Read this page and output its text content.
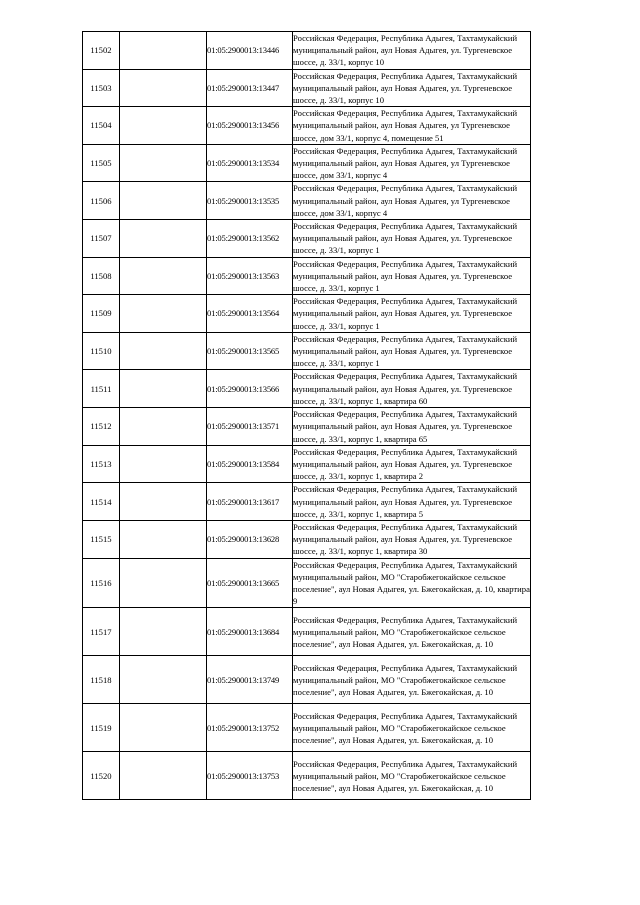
11502		01:05:2900013:13446	Российская Федерация, Республика Адыгея, Тахтамукайский муниципальный район, аул Новая Адыгея, ул. Тургеневское шоссе, д. 33/1, корпус 10
11503		01:05:2900013:13447	Российская Федерация, Республика Адыгея, Тахтамукайский муниципальный район, аул Новая Адыгея, ул. Тургеневское шоссе, д. 33/1, корпус 10
11504		01:05:2900013:13456	Российская Федерация, Республика Адыгея, Тахтамукайский муниципальный район, аул Новая Адыгея, ул Тургеневское шоссе, дом 33/1, корпус 4, помещение 51
11505		01:05:2900013:13534	Российская Федерация, Республика Адыгея, Тахтамукайский муниципальный район, аул Новая Адыгея, ул Тургеневское шоссе, дом 33/1, корпус 4
11506		01:05:2900013:13535	Российская Федерация, Республика Адыгея, Тахтамукайский муниципальный район, аул Новая Адыгея, ул Тургеневское шоссе, дом 33/1, корпус 4
11507		01:05:2900013:13562	Российская Федерация, Республика Адыгея, Тахтамукайский муниципальный район, аул Новая Адыгея, ул. Тургеневское шоссе, д. 33/1, корпус 1
11508		01:05:2900013:13563	Российская Федерация, Республика Адыгея, Тахтамукайский муниципальный район, аул Новая Адыгея, ул. Тургеневское шоссе, д. 33/1, корпус 1
11509		01:05:2900013:13564	Российская Федерация, Республика Адыгея, Тахтамукайский муниципальный район, аул Новая Адыгея, ул. Тургеневское шоссе, д. 33/1, корпус 1
11510		01:05:2900013:13565	Российская Федерация, Республика Адыгея, Тахтамукайский муниципальный район, аул Новая Адыгея, ул. Тургеневское шоссе, д. 33/1, корпус 1
11511		01:05:2900013:13566	Российская Федерация, Республика Адыгея, Тахтамукайский муниципальный район, аул Новая Адыгея, ул. Тургеневское шоссе, д. 33/1, корпус 1, квартира 60
11512		01:05:2900013:13571	Российская Федерация, Республика Адыгея, Тахтамукайский муниципальный район, аул Новая Адыгея, ул. Тургеневское шоссе, д. 33/1, корпус 1, квартира 65
11513		01:05:2900013:13584	Российская Федерация, Республика Адыгея, Тахтамукайский муниципальный район, аул Новая Адыгея, ул. Тургеневское шоссе, д. 33/1, корпус 1, квартира 2
11514		01:05:2900013:13617	Российская Федерация, Республика Адыгея, Тахтамукайский муниципальный район, аул Новая Адыгея, ул. Тургеневское шоссе, д. 33/1, корпус 1, квартира 5
11515		01:05:2900013:13628	Российская Федерация, Республика Адыгея, Тахтамукайский муниципальный район, аул Новая Адыгея, ул. Тургеневское шоссе, д. 33/1, корпус 1, квартира 30
11516		01:05:2900013:13665	Российская Федерация, Республика Адыгея, Тахтамукайский муниципальный район, МО "Старобжегокайское сельское поселение", аул Новая Адыгея, ул. Бжегокайская, д. 10, квартира 9
11517		01:05:2900013:13684	Российская Федерация, Республика Адыгея, Тахтамукайский муниципальный район, МО "Старобжегокайское сельское поселение", аул Новая Адыгея, ул. Бжегокайская, д. 10
11518		01:05:2900013:13749	Российская Федерация, Республика Адыгея, Тахтамукайский муниципальный район, МО "Старобжегокайское сельское поселение", аул Новая Адыгея, ул. Бжегокайская, д. 10
11519		01:05:2900013:13752	Российская Федерация, Республика Адыгея, Тахтамукайский муниципальный район, МО "Старобжегокайское сельское поселение", аул Новая Адыгея, ул. Бжегокайская, д. 10
11520		01:05:2900013:13753	Российская Федерация, Республика Адыгея, Тахтамукайский муниципальный район, МО "Старобжегокайское сельское поселение", аул Новая Адыгея, ул. Бжегокайская, д. 10
